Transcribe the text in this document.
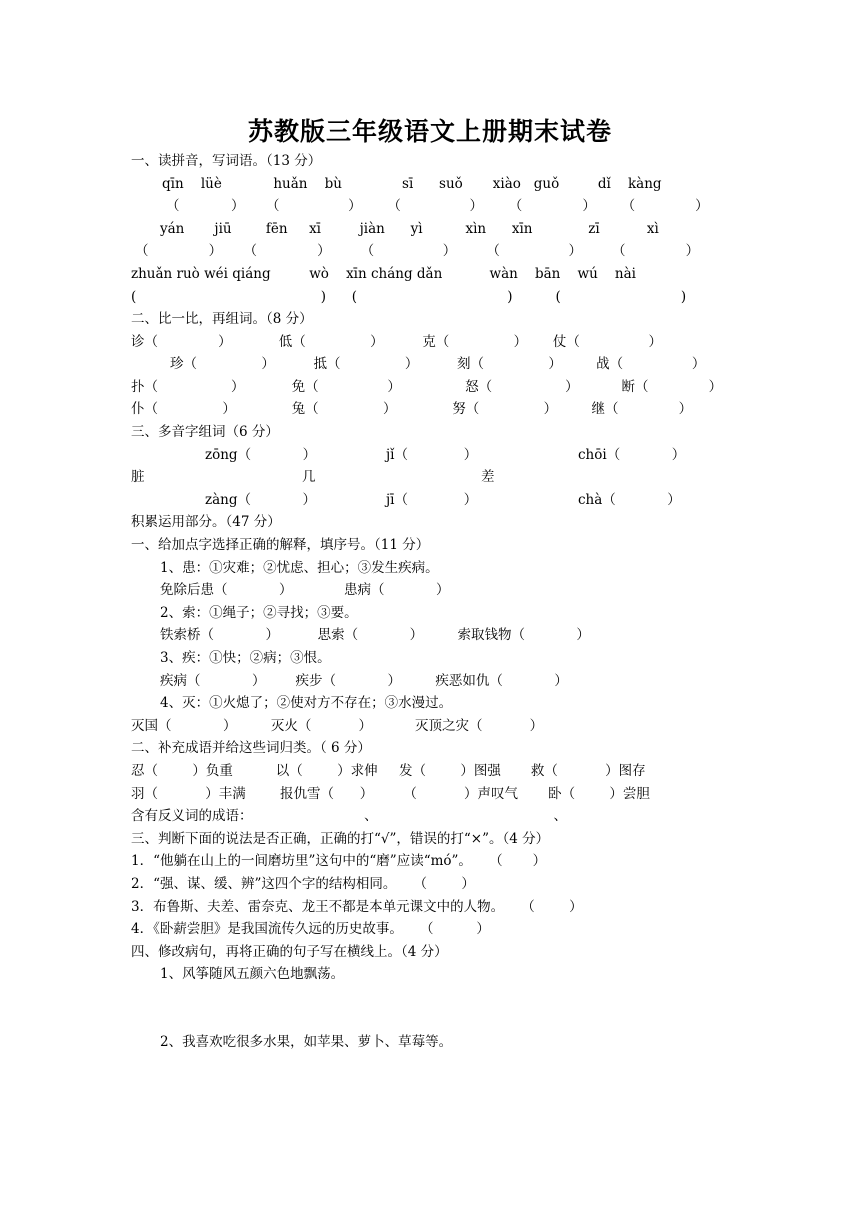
苏教版三年级语文上册期末试卷
一、读拼音，写词语。（13 分）
qīn    lüè            huǎn    bù              sī      suǒ       xiào   guǒ         dǐ    kàng
（            ）     （                ）      （                ）      （              ）      （              ）
yán       jiū        fēn     xī         jiàn      yì          xìn      xīn             zī           xì
（              ）     （              ）       （                ）       （                ）       （              ）
zhuǎn ruò wéi qiáng         wò    xīn cháng dǎn           wàn    bān    wú    nài
(                                           )      (                                   )          (                            )
二、比一比，再组词。（8 分）
诊（              ）           低（               ）         克（               ）      仗（                ）
珍（               ）         抵（               ）         刻（               ）        战（                ）
扑（                 ）           免（                ）               怒（                 ）          断（              ）
仆（               ）             兔（               ）             努（               ）        继（              ）
三、多音字组词（6 分）
zōng（            ）	jǐ（             ）	chōi（            ）
脏	几	差
zàng（            ）	jī（             ）	chà（            ）
积累运用部分。（47 分）
一、给加点字选择正确的解释，填序号。（11 分）
1、患：①灾难；②忧虑、担心；③发生疾病。
免除后患（            ）            患病（            ）
2、索：①绳子；②寻找；③要。
铁索桥（            ）         思索（            ）        索取钱物（            ）
3、疾：①快；②病；③恨。
疾病（            ）       疾步（            ）        疾恶如仇（            ）
4、灭：①火熄了；②使对方不存在；③水漫过。
灭国（            ）        灭火（           ）          灭顶之灾（           ）
二、补充成语并给这些词归类。（ 6 分）
忍（        ）负重          以（        ）求伸     发（        ）图强       救（           ）图存
羽（           ）丰满        报仇雪（      ）       （           ）声叹气       卧（        ）尝胆
含有反义词的成语：                          、                                         、
三、判断下面的说法是否正确，正确的打“√”，错误的打“×”。（4 分）
1．“他躺在山上的一间磨坊里”这句中的“磨”应读“mó”。    （       ）
2．“强、谋、缓、辨”这四个字的结构相同。    （        ）
3．布鲁斯、夫差、雷奈克、龙王不都是本单元课文中的人物。    （        ）
4．《卧薪尝胆》是我国流传久远的历史故事。    （          ）
四、修改病句，再将正确的句子写在横线上。（4 分）
1、风筝随风五颜六色地飘荡。
2、我喜欢吃很多水果，如苹果、萝卜、草莓等。
